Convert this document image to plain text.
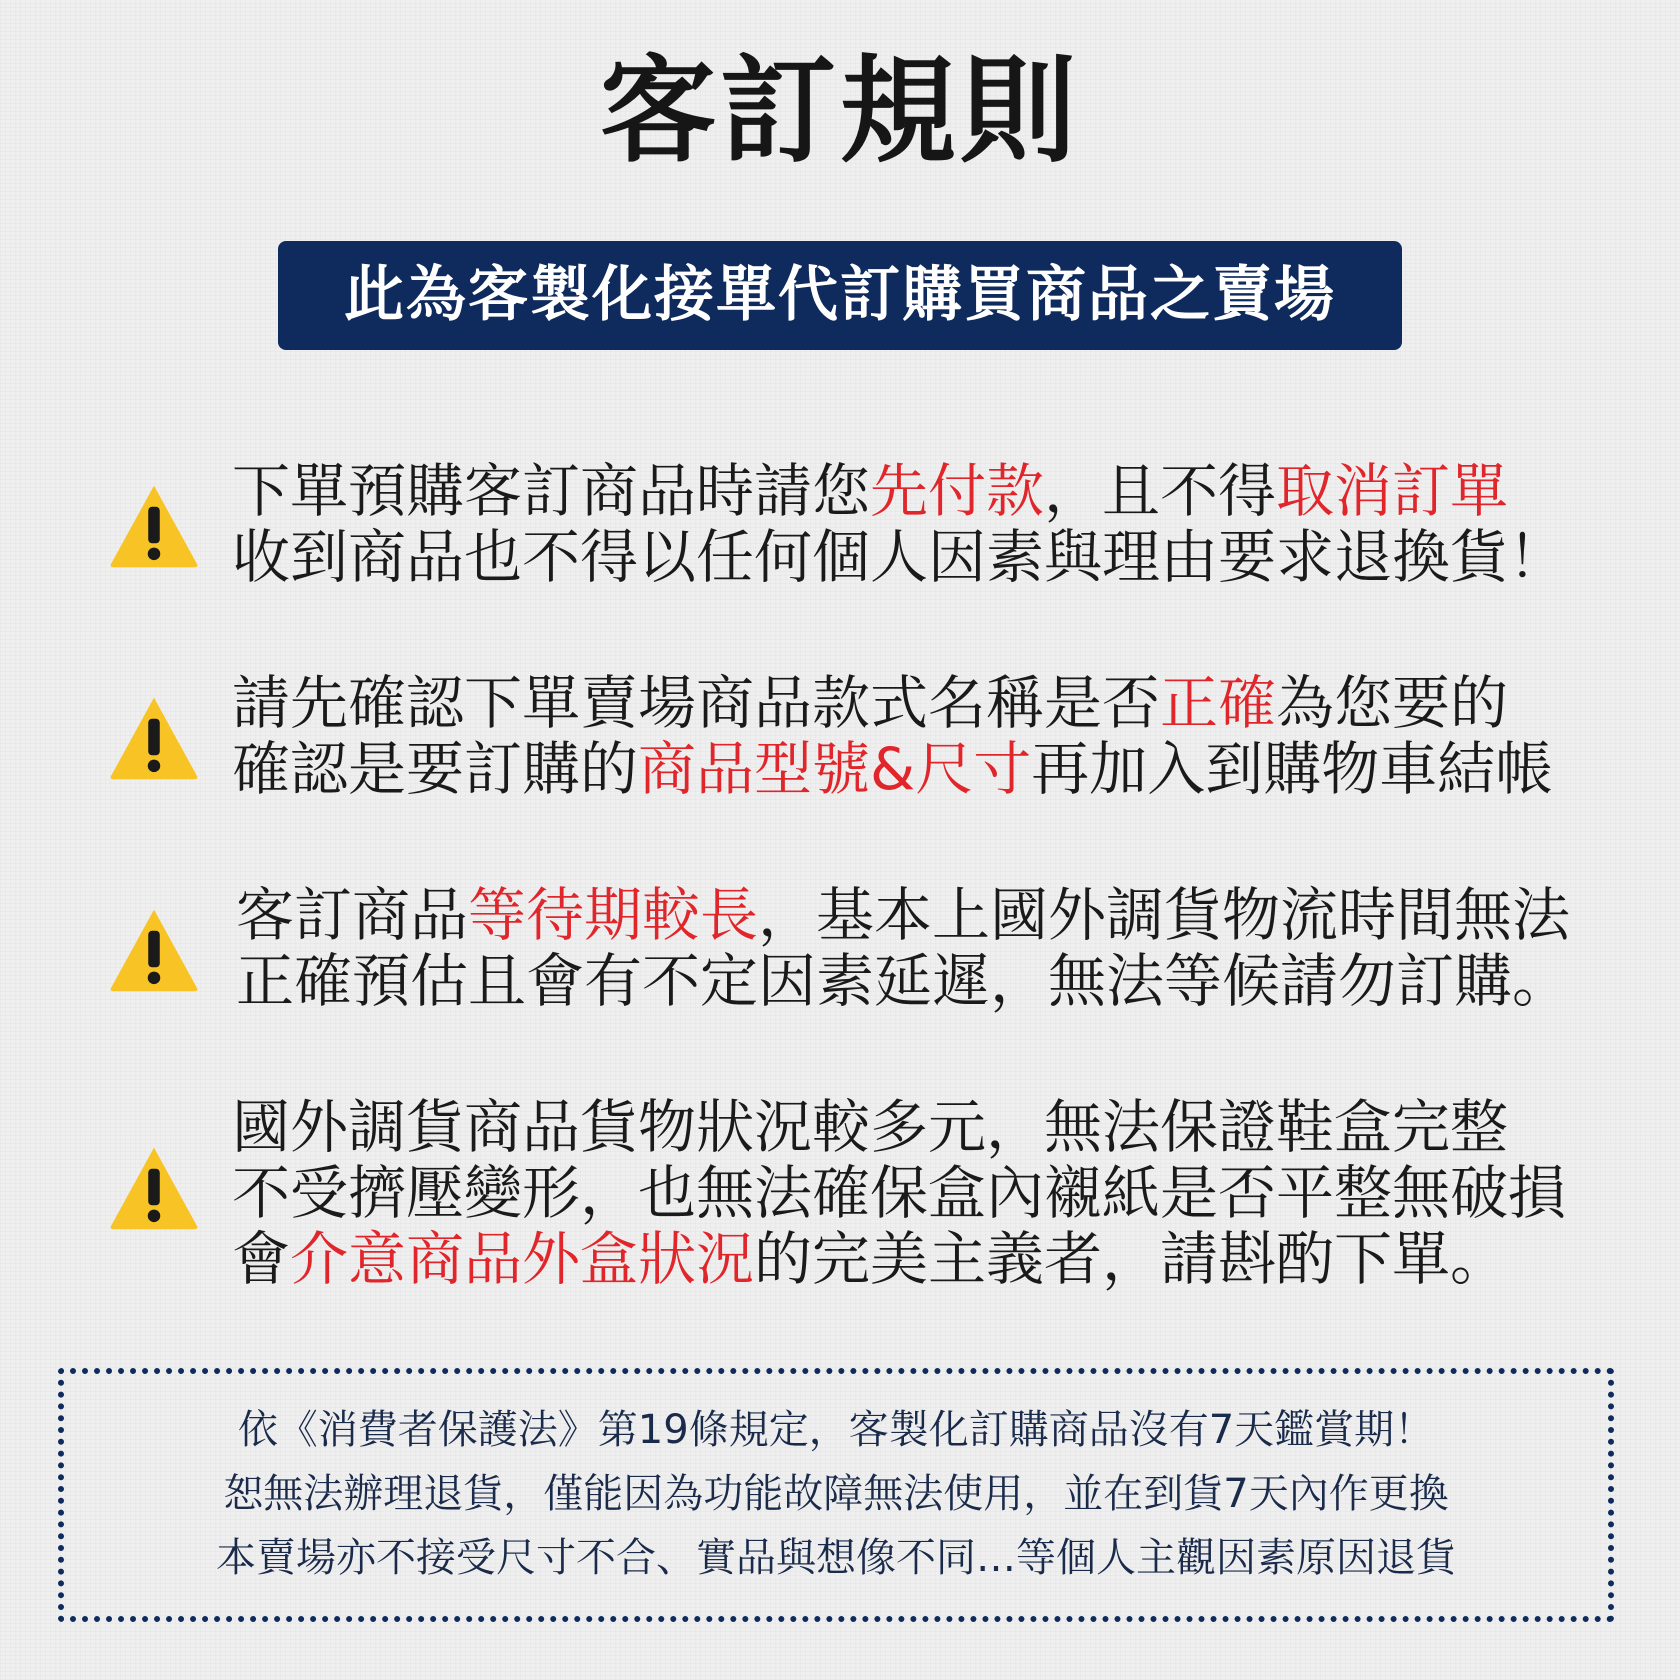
客訂規則
此為客製化接單代訂購買商品之賣場
下單預購客訂商品時請您先付款，且不得取消訂單
收到商品也不得以任何個人因素與理由要求退換貨！
請先確認下單賣場商品款式名稱是否正確為您要的
確認是要訂購的商品型號&尺寸再加入到購物車結帳
客訂商品等待期較長，基本上國外調貨物流時間無法
正確預估且會有不定因素延遲，無法等候請勿訂購。
國外調貨商品貨物狀況較多元，無法保證鞋盒完整
不受擠壓變形，也無法確保盒內襯紙是否平整無破損
會介意商品外盒狀況的完美主義者，請斟酌下單。
依《消費者保護法》第19條規定，客製化訂購商品沒有7天鑑賞期！
恕無法辦理退貨，僅能因為功能故障無法使用，並在到貨7天內作更換
本賣場亦不接受尺寸不合、實品與想像不同…等個人主觀因素原因退貨
